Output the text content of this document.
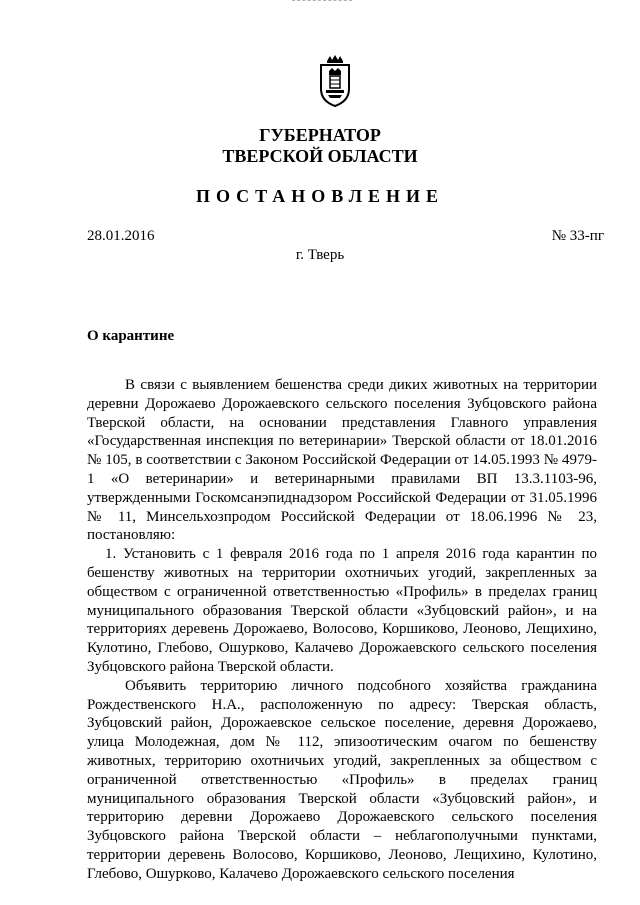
ГУБЕРНАТОР
ТВЕРСКОЙ ОБЛАСТИ
ПОСТАНОВЛЕНИЕ
28.01.2016	№ 33-пг
г. Тверь
О карантине

В связи с выявлением бешенства среди диких животных на территории деревни Дорожаево Дорожаевского сельского поселения Зубцовского района Тверской области, на основании представления Главного управления «Государственная инспекция по ветеринарии» Тверской области от 18.01.2016 № 105, в соответствии с Законом Российской Федерации от 14.05.1993 № 4979-1 «О ветеринарии» и ветеринарными правилами ВП 13.3.1103-96, утвержденными Госкомсанэпиднадзором Российской Федерации от 31.05.1996 № 11, Минсельхозпродом Российской Федерации от 18.06.1996 № 23, постановляю:

1. Установить с 1 февраля 2016 года по 1 апреля 2016 года карантин по бешенству животных на территории охотничьих угодий, закрепленных за обществом с ограниченной ответственностью «Профиль» в пределах границ муниципального образования Тверской области «Зубцовский район», и на территориях деревень Дорожаево, Волосово, Коршиково, Леоново, Лещихино, Кулотино, Глебово, Ошурково, Калачево Дорожаевского сельского поселения Зубцовского района Тверской области.

Объявить территорию личного подсобного хозяйства гражданина Рождественского Н.А., расположенную по адресу: Тверская область, Зубцовский район, Дорожаевское сельское поселение, деревня Дорожаево, улица Молодежная, дом № 112, эпизоотическим очагом по бешенству животных, территорию охотничьих угодий, закрепленных за обществом с ограниченной ответственностью «Профиль» в пределах границ муниципального образования Тверской области «Зубцовский район», и территорию деревни Дорожаево Дорожаевского сельского поселения Зубцовского района Тверской области – неблагополучными пунктами, территории деревень Волосово, Коршиково, Леоново, Лещихино, Кулотино, Глебово, Ошурково, Калачево Дорожаевского сельского поселения
